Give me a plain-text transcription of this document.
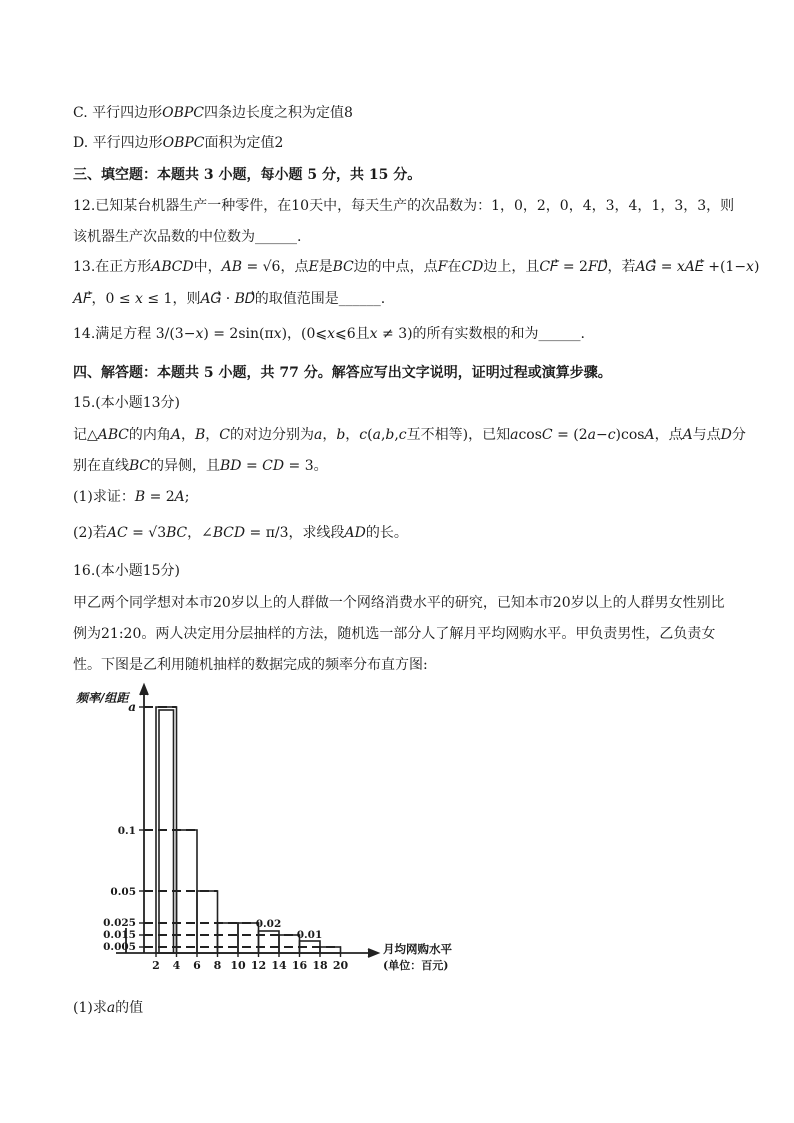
C. 平行四边形𝑂𝐵𝑃𝐶四条边长度之积为定值8
D. 平行四边形𝑂𝐵𝑃𝐶面积为定值2
三、填空题：本题共 3 小题，每小题 5 分，共 15 分。
12.已知某台机器生产一种零件，在10天中，每天生产的次品数为：1，0，2，0，4，3，4，1，3，3，则
该机器生产次品数的中位数为______.
13.在正方形𝐴𝐵𝐶𝐷中，𝐴𝐵 = √6，点𝐸是𝐵𝐶边的中点，点𝐹在𝐶𝐷边上，且𝐶𝐹⃗ = 2𝐹𝐷⃗，若𝐴𝐺⃗ = 𝑥𝐴𝐸⃗ +(1−𝑥)
𝐴𝐹⃗，0 ≤ 𝑥 ≤ 1，则𝐴𝐺⃗ · 𝐵𝐷⃗的取值范围是______.
14.满足方程 3/(3−𝑥) = 2sin(π𝑥)，(0⩽𝑥⩽6且𝑥 ≠ 3)的所有实数根的和为______.
四、解答题：本题共 5 小题，共 77 分。解答应写出文字说明，证明过程或演算步骤。
15.(本小题13分)
记△𝐴𝐵𝐶的内角𝐴，𝐵，𝐶的对边分别为𝑎，𝑏，𝑐(𝑎,𝑏,𝑐互不相等)，已知𝑎cos𝐶 = (2𝑎−𝑐)cos𝐴，点𝐴与点𝐷分
别在直线𝐵𝐶的异侧，且𝐵𝐷 = 𝐶𝐷 = 3。
(1)求证：𝐵 = 2𝐴;
(2)若𝐴𝐶 = √3𝐵𝐶，∠𝐵𝐶𝐷 = π/3，求线段𝐴𝐷的长。
16.(本小题15分)
甲乙两个同学想对本市20岁以上的人群做一个网络消费水平的研究，已知本市20岁以上的人群男女性别比
例为21:20。两人决定用分层抽样的方法，随机选一部分人了解月平均网购水平。甲负责男性，乙负责女
性。下图是乙利用随机抽样的数据完成的频率分布直方图:
a
0.1
0.05
0.025
0.015
0.005
2 4 6 8 10 12 14 16 18 20
0.02
0.01
频率/组距
月均网购水平
(单位：百元)
(1)求𝑎的值
